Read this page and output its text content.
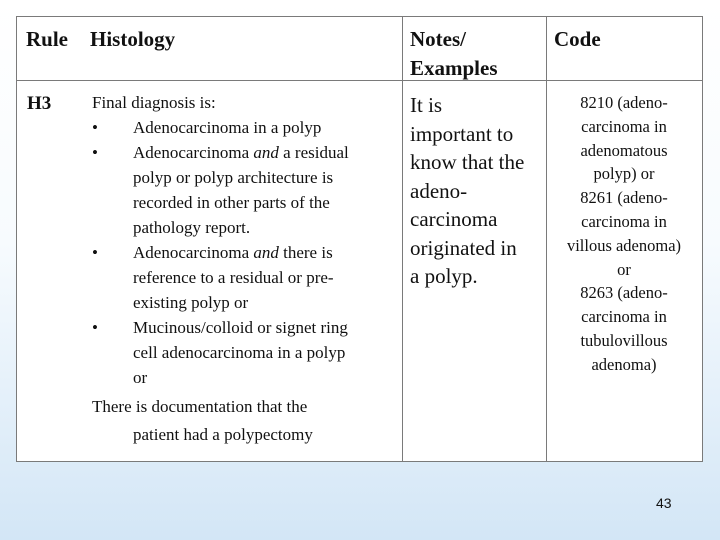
Rule Histology	Notes/
Examples
Code
H3 Final diagnosis is:
• Adenocarcinoma in a polyp
• Adenocarcinoma and a residual
polyp or polyp architecture is
recorded in other parts of the
pathology report.
• Adenocarcinoma and there is
reference to a residual or pre-
existing polyp or
• Mucinous/colloid or signet ring
cell adenocarcinoma in a polyp
or
There is documentation that the
patient had a polypectomy
It is
important to
know that the
adeno-
carcinoma
originated in
a polyp.
8210 (adeno-
carcinoma in
adenomatous
polyp) or
8261 (adeno-
carcinoma in
villous adenoma)
or
8263 (adeno-
carcinoma in
tubulovillous
adenoma)
43
